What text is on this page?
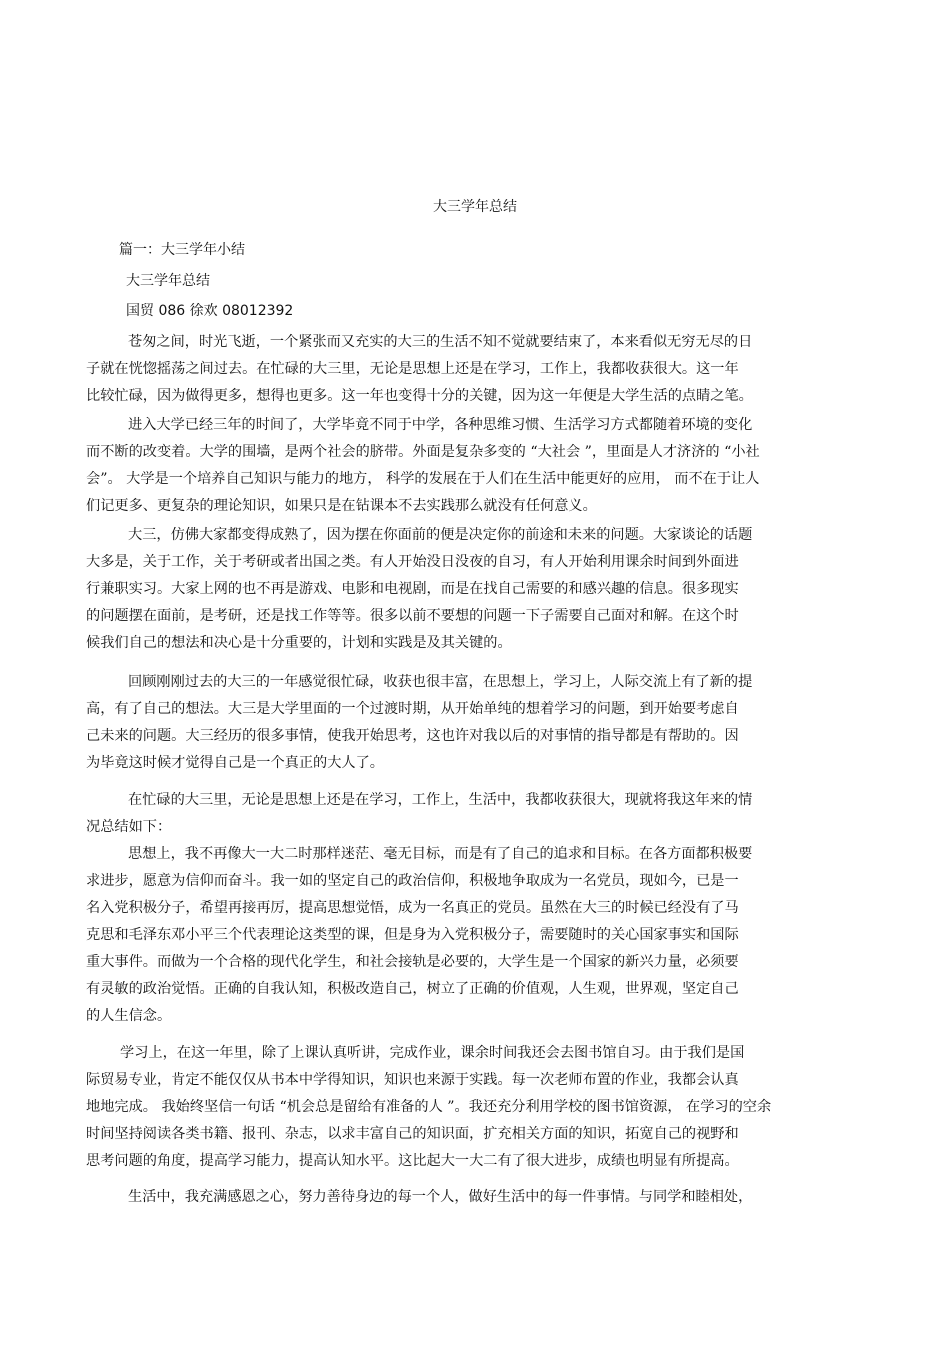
大三学年总结
篇一：大三学年小结
大三学年总结
国贸 086 徐欢 08012392
苍匆之间，时光飞逝，一个紧张而又充实的大三的生活不知不觉就要结束了，本来看似无穷无尽的日
子就在恍惚摇荡之间过去。在忙碌的大三里，无论是思想上还是在学习，工作上，我都收获很大。这一年
比较忙碌，因为做得更多，想得也更多。这一年也变得十分的关键，因为这一年便是大学生活的点睛之笔。
进入大学已经三年的时间了，大学毕竟不同于中学，各种思维习惯、生活学习方式都随着环境的变化
而不断的改变着。大学的围墙，是两个社会的脐带。外面是复杂多变的 “大社会 ”，里面是人才济济的 “小社
会”。 大学是一个培养自己知识与能力的地方， 科学的发展在于人们在生活中能更好的应用， 而不在于让人
们记更多、更复杂的理论知识，如果只是在钻课本不去实践那么就没有任何意义。
大三，仿佛大家都变得成熟了，因为摆在你面前的便是决定你的前途和未来的问题。大家谈论的话题
大多是，关于工作，关于考研或者出国之类。有人开始没日没夜的自习，有人开始利用课余时间到外面进
行兼职实习。大家上网的也不再是游戏、电影和电视剧，而是在找自己需要的和感兴趣的信息。很多现实
的问题摆在面前，是考研，还是找工作等等。很多以前不要想的问题一下子需要自己面对和解。在这个时
候我们自己的想法和决心是十分重要的，计划和实践是及其关键的。
回顾刚刚过去的大三的一年感觉很忙碌，收获也很丰富，在思想上，学习上，人际交流上有了新的提
高，有了自己的想法。大三是大学里面的一个过渡时期，从开始单纯的想着学习的问题，到开始要考虑自
己未来的问题。大三经历的很多事情，使我开始思考，这也许对我以后的对事情的指导都是有帮助的。因
为毕竟这时候才觉得自己是一个真正的大人了。
在忙碌的大三里，无论是思想上还是在学习，工作上，生活中，我都收获很大，现就将我这年来的情
况总结如下：
思想上，我不再像大一大二时那样迷茫、毫无目标，而是有了自己的追求和目标。在各方面都积极要
求进步，愿意为信仰而奋斗。我一如的坚定自己的政治信仰，积极地争取成为一名党员，现如今，已是一
名入党积极分子，希望再接再厉，提高思想觉悟，成为一名真正的党员。虽然在大三的时候已经没有了马
克思和毛泽东邓小平三个代表理论这类型的课，但是身为入党积极分子，需要随时的关心国家事实和国际
重大事件。而做为一个合格的现代化学生，和社会接轨是必要的，大学生是一个国家的新兴力量，必须要
有灵敏的政治觉悟。正确的自我认知，积极改造自己，树立了正确的价值观，人生观，世界观，坚定自己
的人生信念。
学习上，在这一年里，除了上课认真听讲，完成作业，课余时间我还会去图书馆自习。由于我们是国
际贸易专业，肯定不能仅仅从书本中学得知识，知识也来源于实践。每一次老师布置的作业，我都会认真
地地完成。 我始终坚信一句话 “机会总是留给有准备的人 ”。我还充分利用学校的图书馆资源， 在学习的空余
时间坚持阅读各类书籍、报刊、杂志，以求丰富自己的知识面，扩充相关方面的知识，拓宽自己的视野和
思考问题的角度，提高学习能力，提高认知水平。这比起大一大二有了很大进步，成绩也明显有所提高。
生活中，我充满感恩之心，努力善待身边的每一个人，做好生活中的每一件事情。与同学和睦相处，
